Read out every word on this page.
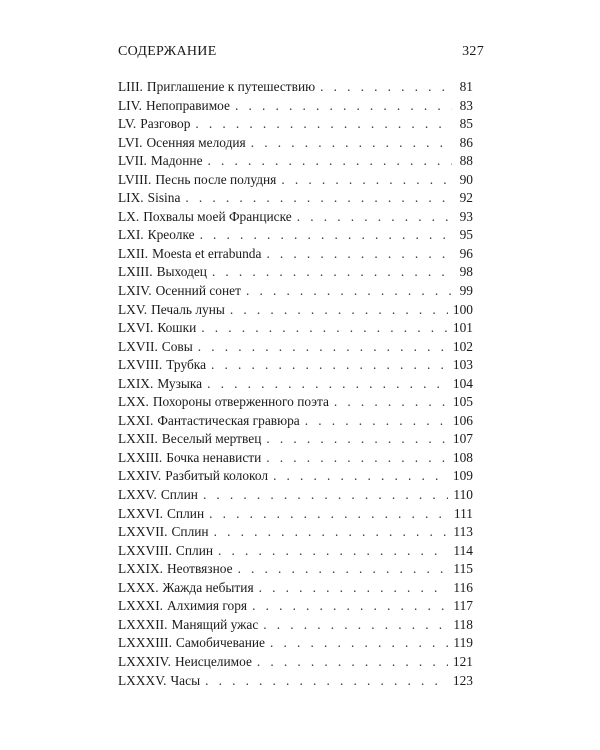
СОДЕРЖАНИЕ	327
LIII. Приглашение к путешествию . . .	81
LIV. Непоправимое . . .	83
LV. Разговор . . .	85
LVI. Осенняя мелодия . . .	86
LVII. Мадонне . . .	88
LVIII. Песнь после полудня . . .	90
LIX. Sisina . . .	92
LX. Похвалы моей Франциске . . .	93
LXI. Креолке . . .	95
LXII. Moesta et errabunda . . .	96
LXIII. Выходец . . .	98
LXIV. Осенний сонет . . .	99
LXV. Печаль луны . . .	100
LXVI. Кошки . . .	101
LXVII. Совы . . .	102
LXVIII. Трубка . . .	103
LXIX. Музыка . . .	104
LXX. Похороны отверженного поэта . . .	105
LXXI. Фантастическая гравюра . . .	106
LXXII. Веселый мертвец . . .	107
LXXIII. Бочка ненависти . . .	108
LXXIV. Разбитый колокол . . .	109
LXXV. Сплин . . .	110
LXXVI. Сплин . . .	111
LXXVII. Сплин . . .	113
LXXVIII. Сплин . . .	114
LXXIX. Неотвязное . . .	115
LXXX. Жажда небытия . . .	116
LXXXI. Алхимия горя . . .	117
LXXXII. Манящий ужас . . .	118
LXXXIII. Самобичевание . . .	119
LXXXIV. Неисцелимое . . .	121
LXXXV. Часы . . .	123
